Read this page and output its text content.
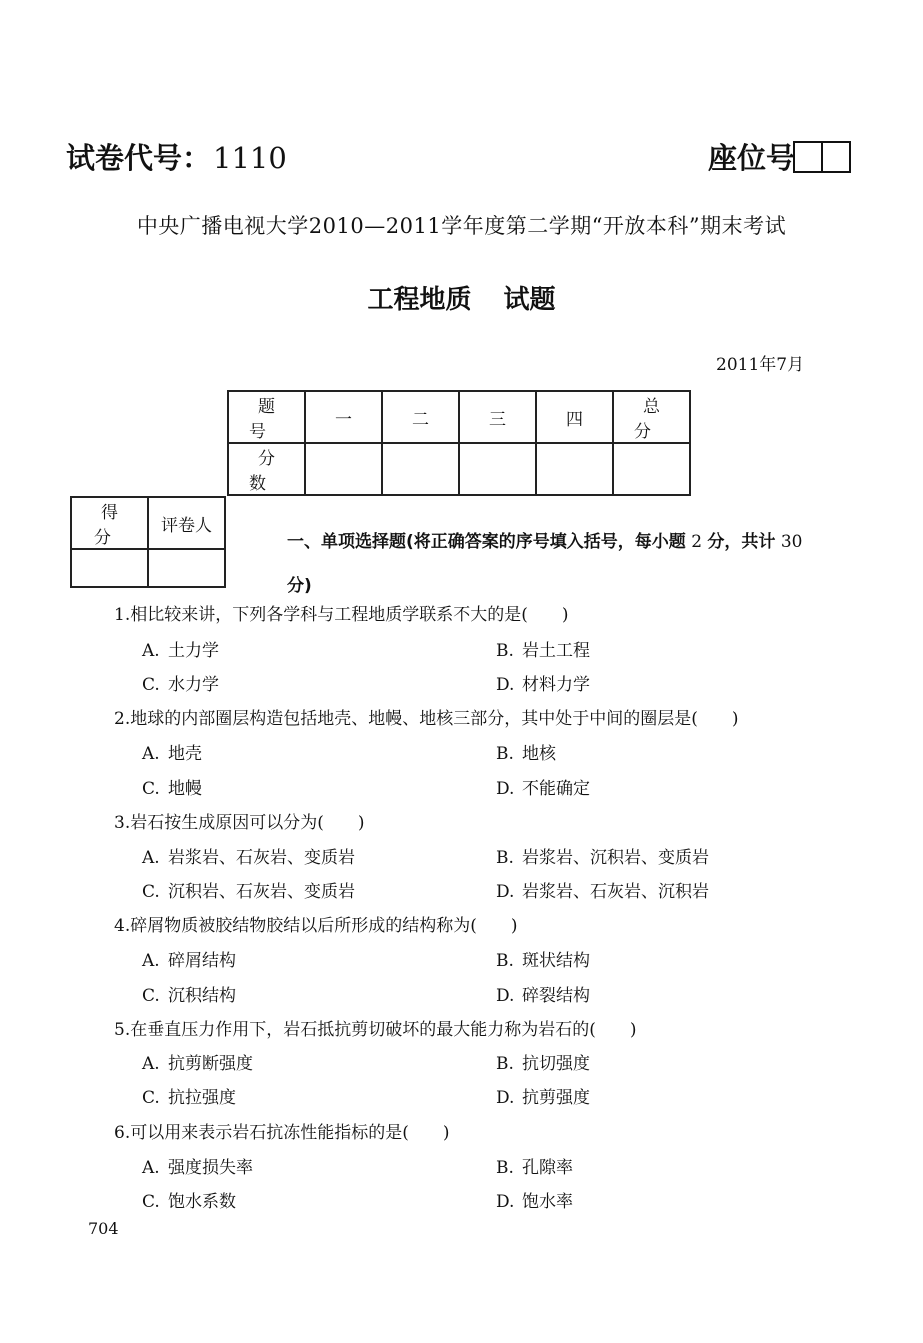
试卷代号：1110	座位号
中央广播电视大学2010—2011学年度第二学期“开放本科”期末考试
工程地质 试题
2011年7月
题 号	一	二	三	四	总 分
分 数					
得 分	评卷人

一、单项选择题(将正确答案的序号填入括号，每小题 2 分，共计 30
分)
1.相比较来讲，下列各学科与工程地质学联系不大的是(　　)
A. 土力学	B. 岩土工程
C. 水力学	D. 材料力学
2.地球的内部圈层构造包括地壳、地幔、地核三部分，其中处于中间的圈层是(　　)
A. 地壳	B. 地核
C. 地幔	D. 不能确定
3.岩石按生成原因可以分为(　　)
A. 岩浆岩、石灰岩、变质岩	B. 岩浆岩、沉积岩、变质岩
C. 沉积岩、石灰岩、变质岩	D. 岩浆岩、石灰岩、沉积岩
4.碎屑物质被胶结物胶结以后所形成的结构称为(　　)
A. 碎屑结构	B. 斑状结构
C. 沉积结构	D. 碎裂结构
5.在垂直压力作用下，岩石抵抗剪切破坏的最大能力称为岩石的(　　)
A. 抗剪断强度	B. 抗切强度
C. 抗拉强度	D. 抗剪强度
6.可以用来表示岩石抗冻性能指标的是(　　)
A. 强度损失率	B. 孔隙率
C. 饱水系数	D. 饱水率
704
